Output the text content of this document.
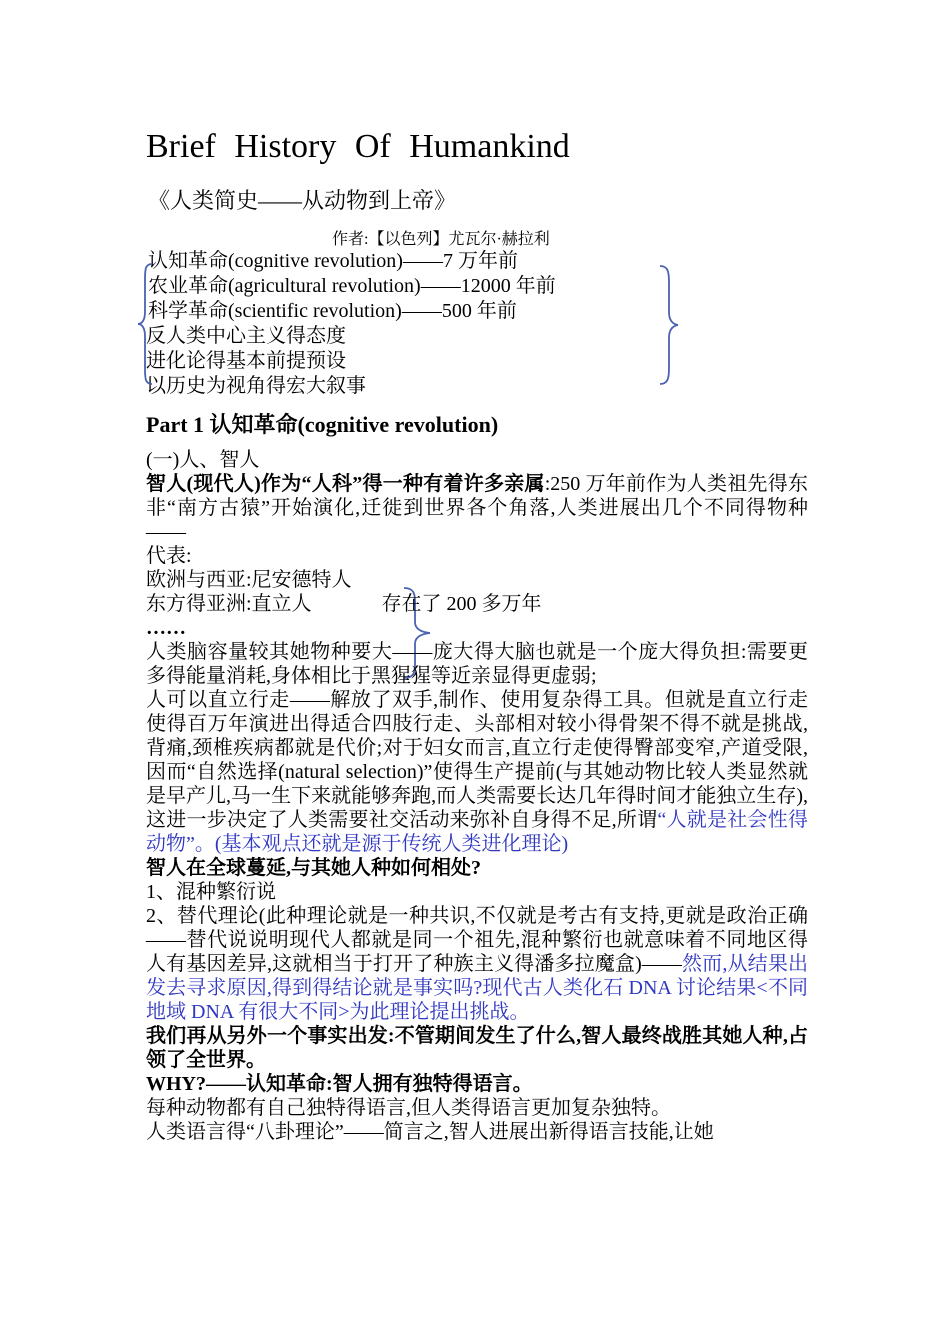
Brief History Of Humankind
《人类简史——从动物到上帝》
作者:【以色列】尤瓦尔·赫拉利
认知革命(cognitive revolution)——7 万年前
农业革命(agricultural revolution)——12000 年前
科学革命(scientific revolution)——500 年前
反人类中心主义得态度
进化论得基本前提预设
以历史为视角得宏大叙事
Part 1 认知革命(cognitive revolution)

(一)人、智人

智人(现代人)作为“人科”得一种有着许多亲属:250 万年前作为人类祖先得东非“南方古猿”开始演化,迁徙到世界各个角落,人类进展出几个不同得物种——

代表:

欧洲与西亚:尼安德特人

东方得亚洲:直立人	存在了 200 多万年

……

人类脑容量较其她物种要大——庞大得大脑也就是一个庞大得负担:需要更多得能量消耗,身体相比于黑猩猩等近亲显得更虚弱;

人可以直立行走——解放了双手,制作、使用复杂得工具。但就是直立行走使得百万年演进出得适合四肢行走、头部相对较小得骨架不得不就是挑战,背痛,颈椎疾病都就是代价;对于妇女而言,直立行走使得臀部变窄,产道受限,因而“自然选择(natural selection)”使得生产提前(与其她动物比较人类显然就是早产儿,马一生下来就能够奔跑,而人类需要长达几年得时间才能独立生存),这进一步决定了人类需要社交活动来弥补自身得不足,所谓“人就是社会性得动物”。(基本观点还就是源于传统人类进化理论)

智人在全球蔓延,与其她人种如何相处?

1、混种繁衍说

2、替代理论(此种理论就是一种共识,不仅就是考古有支持,更就是政治正确——替代说说明现代人都就是同一个祖先,混种繁衍也就意味着不同地区得人有基因差异,这就相当于打开了种族主义得潘多拉魔盒)——然而,从结果出发去寻求原因,得到得结论就是事实吗?现代古人类化石 DNA 讨论结果<不同地域 DNA 有很大不同>为此理论提出挑战。

我们再从另外一个事实出发:不管期间发生了什么,智人最终战胜其她人种,占领了全世界。

WHY?——认知革命:智人拥有独特得语言。

每种动物都有自己独特得语言,但人类得语言更加复杂独特。

人类语言得“八卦理论”——简言之,智人进展出新得语言技能,让她
